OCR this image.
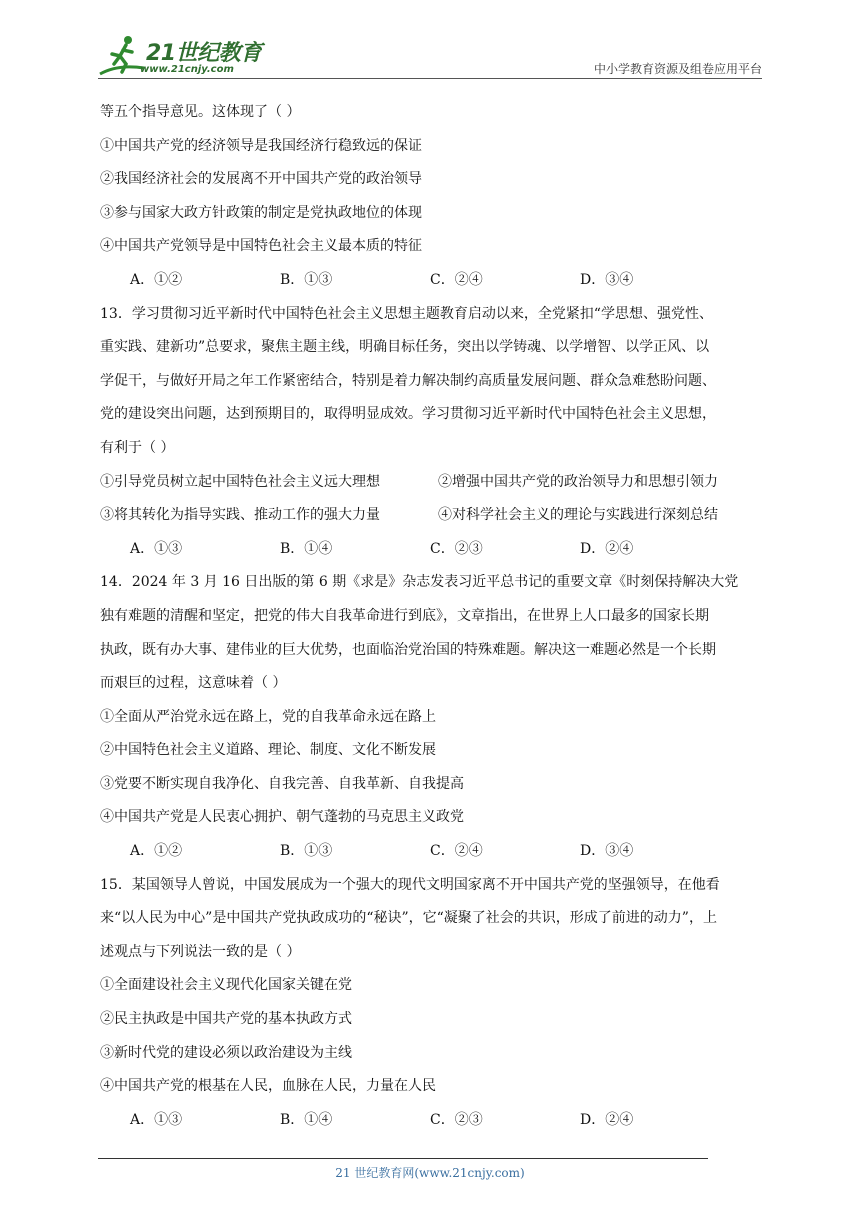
21世纪教育
www.21cnjy.com	中小学教育资源及组卷应用平台
等五个指导意见。这体现了（ ）
①中国共产党的经济领导是我国经济行稳致远的保证
②我国经济社会的发展离不开中国共产党的政治领导
③参与国家大政方针政策的制定是党执政地位的体现
④中国共产党领导是中国特色社会主义最本质的特征
A．①②	B．①③	C．②④	D．③④
13．学习贯彻习近平新时代中国特色社会主义思想主题教育启动以来，全党紧扣“学思想、强党性、
重实践、建新功”总要求，聚焦主题主线，明确目标任务，突出以学铸魂、以学增智、以学正风、以
学促干，与做好开局之年工作紧密结合，特别是着力解决制约高质量发展问题、群众急难愁盼问题、
党的建设突出问题，达到预期目的，取得明显成效。学习贯彻习近平新时代中国特色社会主义思想，
有利于（ ）
①引导党员树立起中国特色社会主义远大理想	②增强中国共产党的政治领导力和思想引领力
③将其转化为指导实践、推动工作的强大力量	④对科学社会主义的理论与实践进行深刻总结
A．①③	B．①④	C．②③	D．②④
14．2024 年 3 月 16 日出版的第 6 期《求是》杂志发表习近平总书记的重要文章《时刻保持解决大党
独有难题的清醒和坚定，把党的伟大自我革命进行到底》，文章指出，在世界上人口最多的国家长期
执政，既有办大事、建伟业的巨大优势，也面临治党治国的特殊难题。解决这一难题必然是一个长期
而艰巨的过程，这意味着（ ）
①全面从严治党永远在路上，党的自我革命永远在路上
②中国特色社会主义道路、理论、制度、文化不断发展
③党要不断实现自我净化、自我完善、自我革新、自我提高
④中国共产党是人民衷心拥护、朝气蓬勃的马克思主义政党
A．①②	B．①③	C．②④	D．③④
15．某国领导人曾说，中国发展成为一个强大的现代文明国家离不开中国共产党的坚强领导，在他看
来“以人民为中心”是中国共产党执政成功的“秘诀”，它“凝聚了社会的共识，形成了前进的动力”，上
述观点与下列说法一致的是（ ）
①全面建设社会主义现代化国家关键在党
②民主执政是中国共产党的基本执政方式
③新时代党的建设必须以政治建设为主线
④中国共产党的根基在人民，血脉在人民，力量在人民
A．①③	B．①④	C．②③	D．②④
21 世纪教育网(www.21cnjy.com)
